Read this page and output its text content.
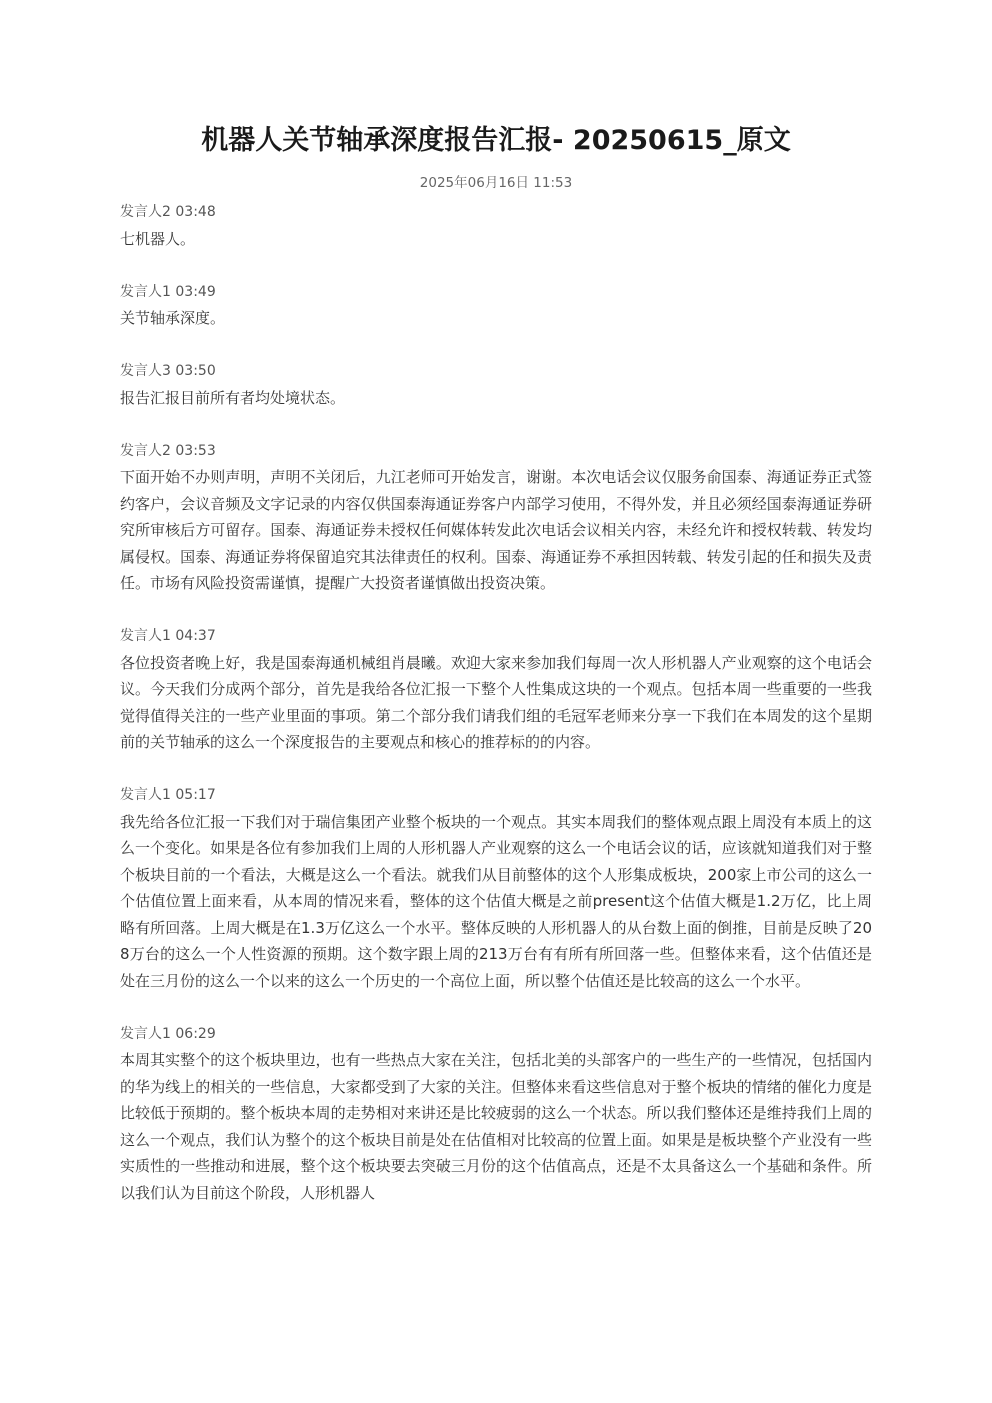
机器人关节轴承深度报告汇报- 20250615_原文
2025年06月16日 11:53
发言人2 03:48
七机器人。
发言人1 03:49
关节轴承深度。
发言人3 03:50
报告汇报目前所有者均处境状态。
发言人2 03:53
下面开始不办则声明，声明不关闭后，九江老师可开始发言，谢谢。本次电话会议仅服务俞国泰、海通证券正式签约客户，会议音频及文字记录的内容仅供国泰海通证券客户内部学习使用，不得外发，并且必须经国泰海通证券研究所审核后方可留存。国泰、海通证券未授权任何媒体转发此次电话会议相关内容，未经允许和授权转载、转发均属侵权。国泰、海通证券将保留追究其法律责任的权利。国泰、海通证券不承担因转载、转发引起的任和损失及责任。市场有风险投资需谨慎，提醒广大投资者谨慎做出投资决策。
发言人1 04:37
各位投资者晚上好，我是国泰海通机械组肖晨曦。欢迎大家来参加我们每周一次人形机器人产业观察的这个电话会议。今天我们分成两个部分，首先是我给各位汇报一下整个人性集成这块的一个观点。包括本周一些重要的一些我觉得值得关注的一些产业里面的事项。第二个部分我们请我们组的毛冠军老师来分享一下我们在本周发的这个星期前的关节轴承的这么一个深度报告的主要观点和核心的推荐标的的内容。
发言人1 05:17
我先给各位汇报一下我们对于瑞信集团产业整个板块的一个观点。其实本周我们的整体观点跟上周没有本质上的这么一个变化。如果是各位有参加我们上周的人形机器人产业观察的这么一个电话会议的话，应该就知道我们对于整个板块目前的一个看法，大概是这么一个看法。就我们从目前整体的这个人形集成板块，200家上市公司的这么一个估值位置上面来看，从本周的情况来看，整体的这个估值大概是之前present这个估值大概是1.2万亿，比上周略有所回落。上周大概是在1.3万亿这么一个水平。整体反映的人形机器人的从台数上面的倒推，目前是反映了208万台的这么一个人性资源的预期。这个数字跟上周的213万台有有所有所回落一些。但整体来看，这个估值还是处在三月份的这么一个以来的这么一个历史的一个高位上面，所以整个估值还是比较高的这么一个水平。
发言人1 06:29
本周其实整个的这个板块里边，也有一些热点大家在关注，包括北美的头部客户的一些生产的一些情况，包括国内的华为线上的相关的一些信息，大家都受到了大家的关注。但整体来看这些信息对于整个板块的情绪的催化力度是比较低于预期的。整个板块本周的走势相对来讲还是比较疲弱的这么一个状态。所以我们整体还是维持我们上周的这么一个观点，我们认为整个的这个板块目前是处在估值相对比较高的位置上面。如果是是板块整个产业没有一些实质性的一些推动和进展，整个这个板块要去突破三月份的这个估值高点，还是不太具备这么一个基础和条件。所以我们认为目前这个阶段，人形机器人
